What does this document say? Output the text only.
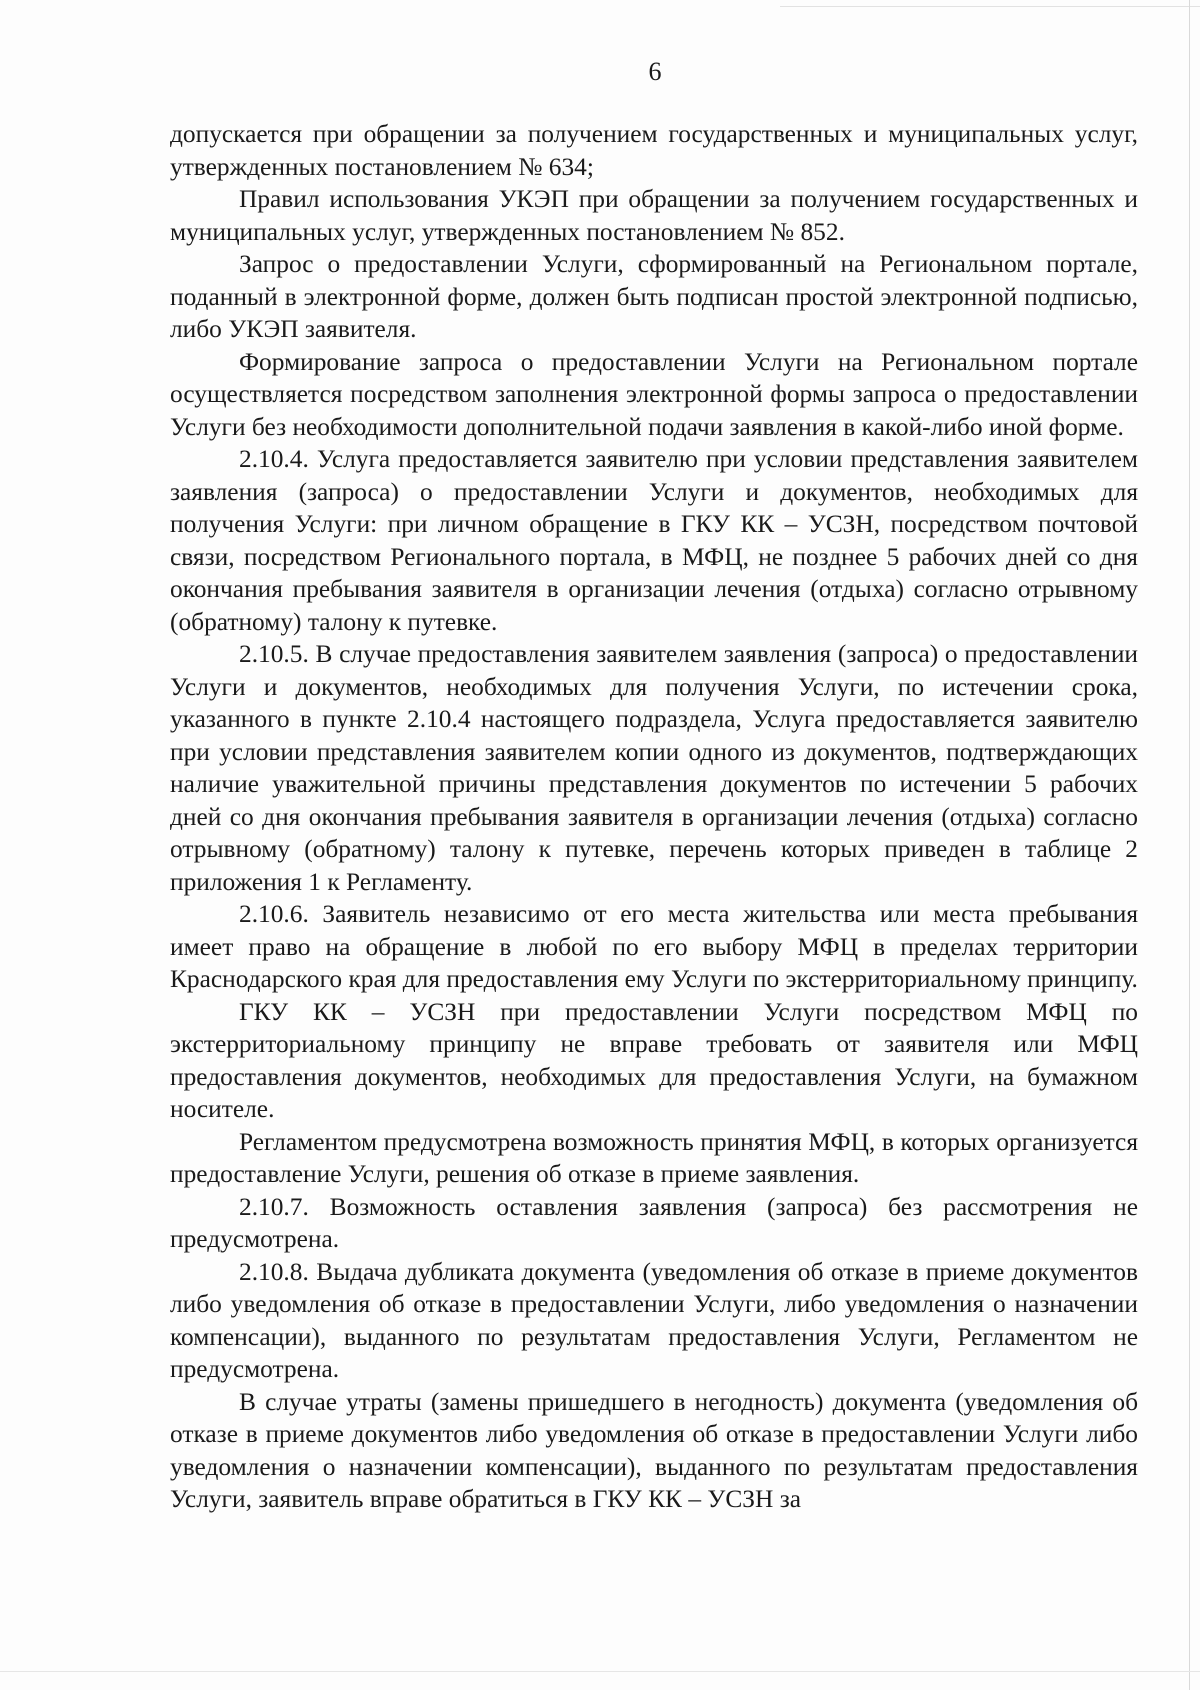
6

допускается при обращении за получением государственных и муниципальных услуг, утвержденных постановлением № 634;

Правил использования УКЭП при обращении за получением государственных и муниципальных услуг, утвержденных постановлением № 852.

Запрос о предоставлении Услуги, сформированный на Региональном портале, поданный в электронной форме, должен быть подписан простой электронной подписью, либо УКЭП заявителя.

Формирование запроса о предоставлении Услуги на Региональном портале осуществляется посредством заполнения электронной формы запроса о предоставлении Услуги без необходимости дополнительной подачи заявления в какой-либо иной форме.

2.10.4. Услуга предоставляется заявителю при условии представления заявителем заявления (запроса) о предоставлении Услуги и документов, необходимых для получения Услуги: при личном обращение в ГКУ КК – УСЗН, посредством почтовой связи, посредством Регионального портала, в МФЦ, не позднее 5 рабочих дней со дня окончания пребывания заявителя в организации лечения (отдыха) согласно отрывному (обратному) талону к путевке.

2.10.5. В случае предоставления заявителем заявления (запроса) о предоставлении Услуги и документов, необходимых для получения Услуги, по истечении срока, указанного в пункте 2.10.4 настоящего подраздела, Услуга предоставляется заявителю при условии представления заявителем копии одного из документов, подтверждающих наличие уважительной причины представления документов по истечении 5 рабочих дней со дня окончания пребывания заявителя в организации лечения (отдыха) согласно отрывному (обратному) талону к путевке, перечень которых приведен в таблице 2 приложения 1 к Регламенту.

2.10.6. Заявитель независимо от его места жительства или места пребывания имеет право на обращение в любой по его выбору МФЦ в пределах территории Краснодарского края для предоставления ему Услуги по экстерриториальному принципу.

ГКУ КК – УСЗН при предоставлении Услуги посредством МФЦ по экстерриториальному принципу не вправе требовать от заявителя или МФЦ предоставления документов, необходимых для предоставления Услуги, на бумажном носителе.

Регламентом предусмотрена возможность принятия МФЦ, в которых организуется предоставление Услуги, решения об отказе в приеме заявления.

2.10.7. Возможность оставления заявления (запроса) без рассмотрения не предусмотрена.

2.10.8. Выдача дубликата документа (уведомления об отказе в приеме документов либо уведомления об отказе в предоставлении Услуги, либо уведомления о назначении компенсации), выданного по результатам предоставления Услуги, Регламентом не предусмотрена.

В случае утраты (замены пришедшего в негодность) документа (уведомления об отказе в приеме документов либо уведомления об отказе в предоставлении Услуги либо уведомления о назначении компенсации), выданного по результатам предоставления Услуги, заявитель вправе обратиться в ГКУ КК – УСЗН за
